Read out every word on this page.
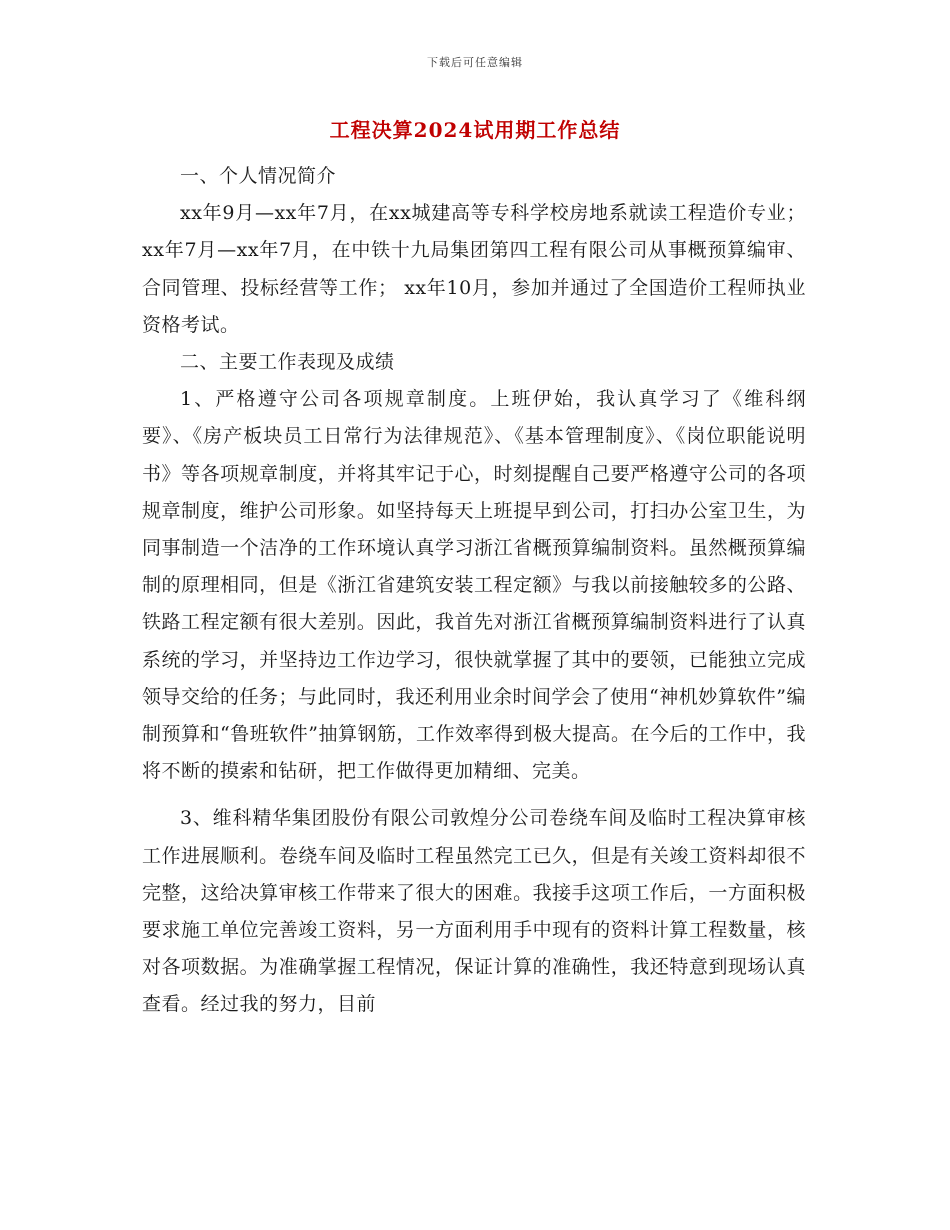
下载后可任意编辑
工程决算2024试用期工作总结

一、个人情况简介

xx年9月—xx年7月，在xx城建高等专科学校房地系就读工程造价专业； xx年7月—xx年7月，在中铁十九局集团第四工程有限公司从事概预算编审、合同管理、投标经营等工作； xx年10月，参加并通过了全国造价工程师执业资格考试。

二、主要工作表现及成绩

1、严格遵守公司各项规章制度。上班伊始，我认真学习了《维科纲要》、《房产板块员工日常行为法律规范》、《基本管理制度》、《岗位职能说明书》等各项规章制度，并将其牢记于心，时刻提醒自己要严格遵守公司的各项规章制度，维护公司形象。如坚持每天上班提早到公司，打扫办公室卫生，为同事制造一个洁净的工作环境认真学习浙江省概预算编制资料。虽然概预算编制的原理相同，但是《浙江省建筑安装工程定额》与我以前接触较多的公路、铁路工程定额有很大差别。因此，我首先对浙江省概预算编制资料进行了认真系统的学习，并坚持边工作边学习，很快就掌握了其中的要领，已能独立完成领导交给的任务；与此同时，我还利用业余时间学会了使用“神机妙算软件”编制预算和“鲁班软件”抽算钢筋，工作效率得到极大提高。在今后的工作中，我将不断的摸索和钻研，把工作做得更加精细、完美。

3、维科精华集团股份有限公司敦煌分公司卷绕车间及临时工程决算审核工作进展顺利。卷绕车间及临时工程虽然完工已久，但是有关竣工资料却很不完整，这给决算审核工作带来了很大的困难。我接手这项工作后，一方面积极要求施工单位完善竣工资料，另一方面利用手中现有的资料计算工程数量，核对各项数据。为准确掌握工程情况，保证计算的准确性，我还特意到现场认真查看。经过我的努力，目前
